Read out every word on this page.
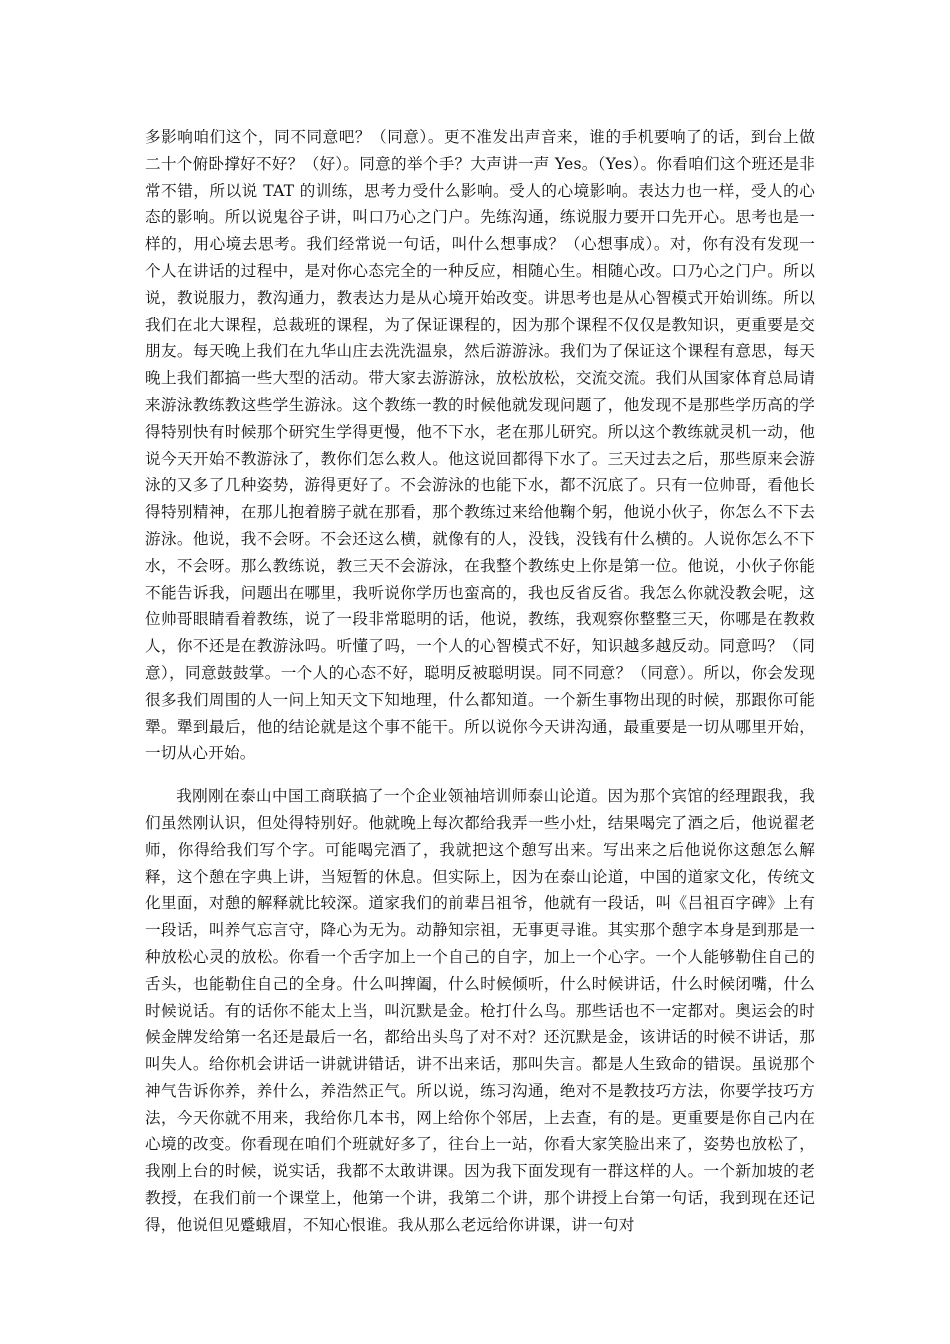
多影响咱们这个，同不同意吧？（同意）。更不准发出声音来，谁的手机要响了的话，到台上做二十个俯卧撑好不好？（好）。同意的举个手？大声讲一声 Yes。（Yes）。你看咱们这个班还是非常不错，所以说 TAT 的训练，思考力受什么影响。受人的心境影响。表达力也一样，受人的心态的影响。所以说鬼谷子讲，叫口乃心之门户。先练沟通，练说服力要开口先开心。思考也是一样的，用心境去思考。我们经常说一句话，叫什么想事成？（心想事成）。对，你有没有发现一个人在讲话的过程中，是对你心态完全的一种反应，相随心生。相随心改。口乃心之门户。所以说，教说服力，教沟通力，教表达力是从心境开始改变。讲思考也是从心智模式开始训练。所以我们在北大课程，总裁班的课程，为了保证课程的，因为那个课程不仅仅是教知识，更重要是交朋友。每天晚上我们在九华山庄去洗洗温泉，然后游游泳。我们为了保证这个课程有意思，每天晚上我们都搞一些大型的活动。带大家去游游泳，放松放松，交流交流。我们从国家体育总局请来游泳教练教这些学生游泳。这个教练一教的时候他就发现问题了，他发现不是那些学历高的学得特别快有时候那个研究生学得更慢，他不下水，老在那儿研究。所以这个教练就灵机一动，他说今天开始不教游泳了，教你们怎么救人。他这说回都得下水了。三天过去之后，那些原来会游泳的又多了几种姿势，游得更好了。不会游泳的也能下水，都不沉底了。只有一位帅哥，看他长得特别精神，在那儿抱着膀子就在那看，那个教练过来给他鞠个躬，他说小伙子，你怎么不下去游泳。他说，我不会呀。不会还这么横，就像有的人，没钱，没钱有什么横的。人说你怎么不下水，不会呀。那么教练说，教三天不会游泳，在我整个教练史上你是第一位。他说，小伙子你能不能告诉我，问题出在哪里，我听说你学历也蛮高的，我也反省反省。我怎么你就没教会呢，这位帅哥眼睛看着教练，说了一段非常聪明的话，他说，教练，我观察你整整三天，你哪是在教救人，你不还是在教游泳吗。听懂了吗，一个人的心智模式不好，知识越多越反动。同意吗？（同意），同意鼓鼓掌。一个人的心态不好，聪明反被聪明误。同不同意？（同意）。所以，你会发现很多我们周围的人一问上知天文下知地理，什么都知道。一个新生事物出现的时候，那跟你可能犟。犟到最后，他的结论就是这个事不能干。所以说你今天讲沟通，最重要是一切从哪里开始，一切从心开始。

我刚刚在泰山中国工商联搞了一个企业领袖培训师泰山论道。因为那个宾馆的经理跟我，我们虽然刚认识，但处得特别好。他就晚上每次都给我弄一些小灶，结果喝完了酒之后，他说翟老师，你得给我们写个字。可能喝完酒了，我就把这个憩写出来。写出来之后他说你这憩怎么解释，这个憩在字典上讲，当短暂的休息。但实际上，因为在泰山论道，中国的道家文化，传统文化里面，对憩的解释就比较深。道家我们的前辈吕祖爷，他就有一段话，叫《吕祖百字碑》上有一段话，叫养气忘言守，降心为无为。动静知宗祖，无事更寻谁。其实那个憩字本身是到那是一种放松心灵的放松。你看一个舌字加上一个自己的自字，加上一个心字。一个人能够勒住自己的舌头，也能勒住自己的全身。什么叫捭阖，什么时候倾听，什么时候讲话，什么时候闭嘴，什么时候说话。有的话你不能太上当，叫沉默是金。枪打什么鸟。那些话也不一定都对。奥运会的时候金牌发给第一名还是最后一名，都给出头鸟了对不对？还沉默是金，该讲话的时候不讲话，那叫失人。给你机会讲话一讲就讲错话，讲不出来话，那叫失言。都是人生致命的错误。虽说那个神气告诉你养，养什么，养浩然正气。所以说，练习沟通，绝对不是教技巧方法，你要学技巧方法，今天你就不用来，我给你几本书，网上给你个邻居，上去查，有的是。更重要是你自己内在心境的改变。你看现在咱们个班就好多了，往台上一站，你看大家笑脸出来了，姿势也放松了，我刚上台的时候，说实话，我都不太敢讲课。因为我下面发现有一群这样的人。一个新加坡的老教授，在我们前一个课堂上，他第一个讲，我第二个讲，那个讲授上台第一句话，我到现在还记得，他说但见蹙蛾眉，不知心恨谁。我从那么老远给你讲课，讲一句对
